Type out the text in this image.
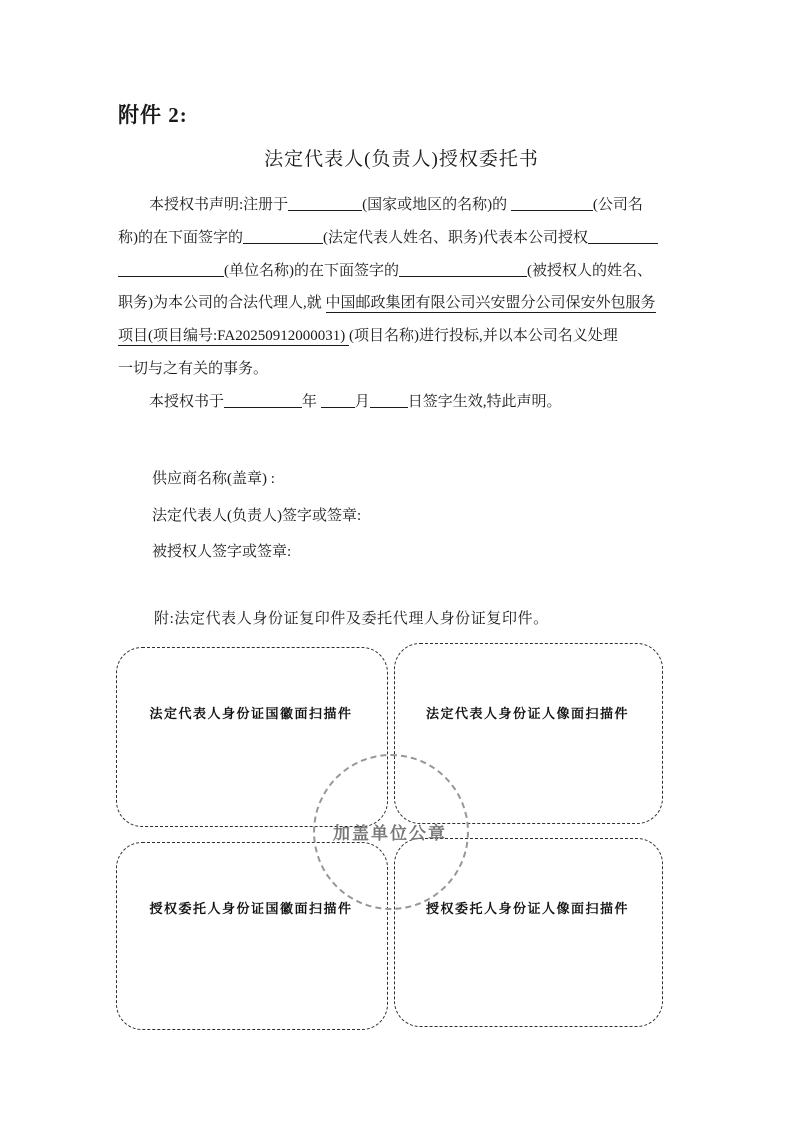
附件 2:
法定代表人(负责人)授权委托书
本授权书声明:注册于	(国家或地区的名称)的	(公司名
称)的在下面签字的	(法定代表人姓名、职务)代表本公司授权
(单位名称)的在下面签字的	(被授权人的姓名、
职务)为本公司的合法代理人,就 中国邮政集团有限公司兴安盟分公司保安外包服务
项目(项目编号:FA20250912000031) (项目名称)进行投标,并以本公司名义处理
一切与之有关的事务。
本授权书于	年 月	日签字生效,特此声明。
供应商名称(盖章) :
法定代表人(负责人)签字或签章:
被授权人签字或签章:
附:法定代表人身份证复印件及委托代理人身份证复印件。
法定代表人身份证国徽面扫描件	法定代表人身份证人像面扫描件
授权委托人身份证国徽面扫描件	授权委托人身份证人像面扫描件
加盖单位公章
